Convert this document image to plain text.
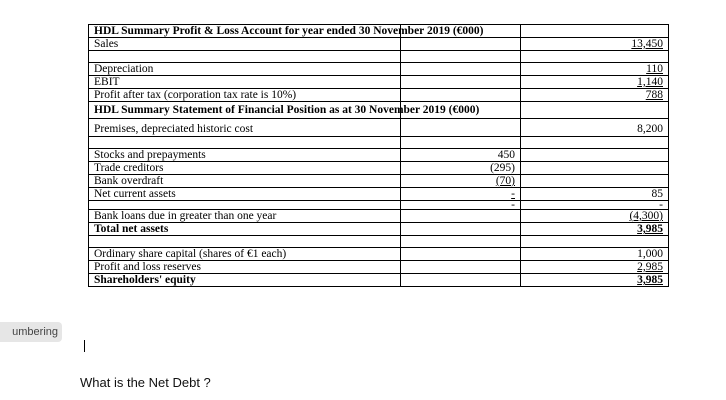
umbering
HDL Summary Profit & Loss Account for year ended 30 November 2019 (€000)		
Sales		13,450

Depreciation		110
EBIT		1,140
Profit after tax (corporation tax rate is 10%)		788
HDL Summary Statement of Financial Position as at 30 November 2019 (€000)		
Premises, depreciated historic cost		8,200

Stocks and prepayments	450	
Trade creditors	(295)	
Bank overdraft	(70)	
Net current assets	-	85
	-	-
Bank loans due in greater than one year		(4,300)
Total net assets		3,985

Ordinary share capital (shares of €1 each)		1,000
Profit and loss reserves		2,985
Shareholders' equity		3,985
What is the Net Debt ?
